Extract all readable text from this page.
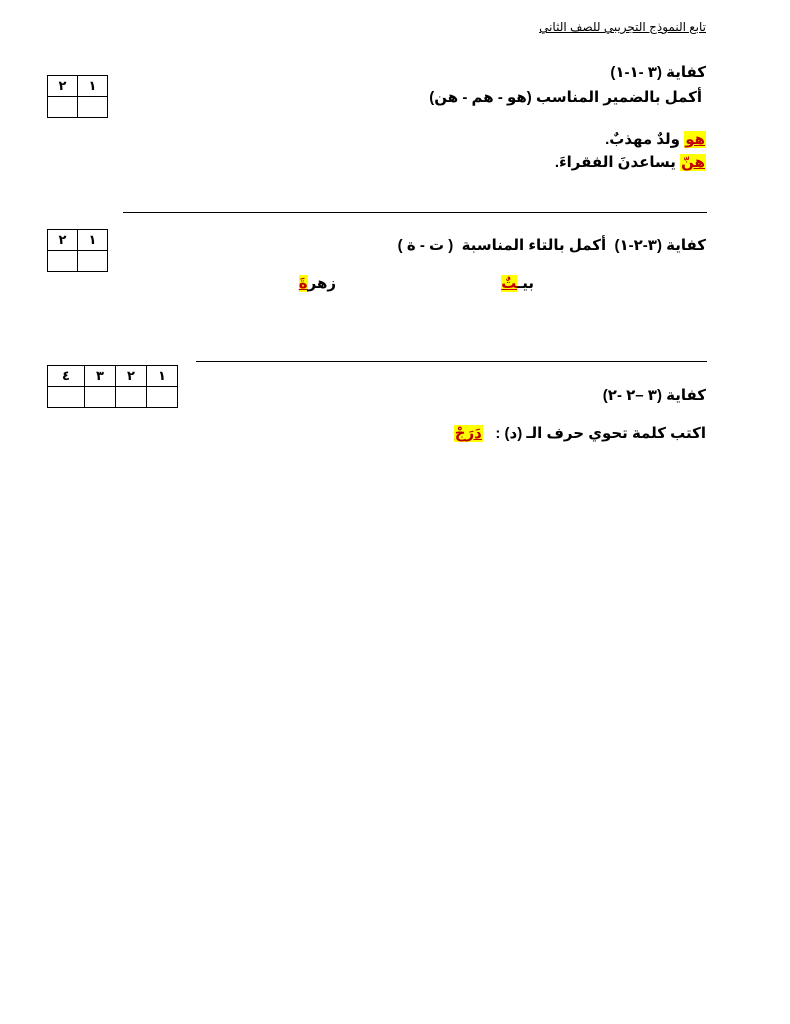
تابع النموذج التجريبي للصف الثاني
كفاية (٣ -١-١)
أكمل بالضمير المناسب (هو - هم - هن)
هو ولدٌ مهذبٌ.
هنّ يساعدنَ الفقراءَ.
٢	١

كفاية (٣-٢-١)  أكمل بالتاء المناسبة  ( ت - ة )
بيـتٌ
زهرةَ
٢	١

كفاية (٣ –٢ -٢)
اكتب كلمة تحوي حرف الـ (د) :   دَرَجْ
٤	٣	٢	١
